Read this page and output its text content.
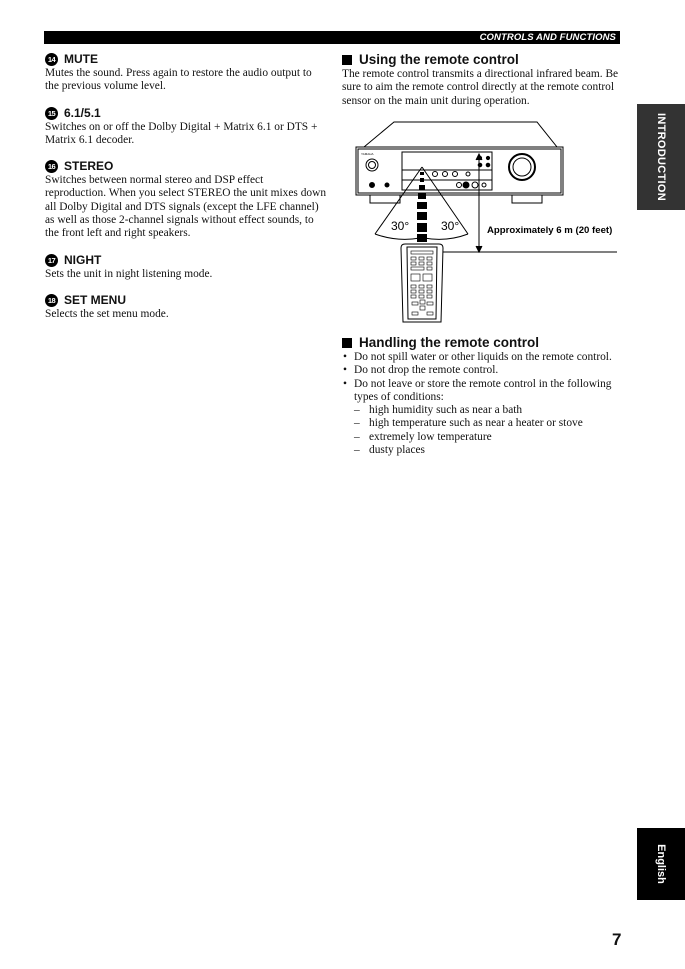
CONTROLS AND FUNCTIONS
14 MUTE

Mutes the sound. Press again to restore the audio output to the previous volume level.

15 6.1/5.1

Switches on or off the Dolby Digital + Matrix 6.1 or DTS + Matrix 6.1 decoder.

16 STEREO

Switches between normal stereo and DSP effect reproduction. When you select STEREO the unit mixes down all Dolby Digital and DTS signals (except the LFE channel) as well as those 2-channel signals without effect sounds, to the front left and right speakers.

17 NIGHT

Sets the unit in night listening mode.

18 SET MENU

Selects the set menu mode.

Using the remote control

The remote control transmits a directional infrared beam. Be sure to aim the remote control directly at the remote control sensor on the main unit during operation.

YAMAHA
30°	30°	Approximately 6 m (20 feet)
Handling the remote control
• Do not spill water or other liquids on the remote control.
• Do not drop the remote control.
• Do not leave or store the remote control in the following types of conditions:
– high humidity such as near a bath
– high temperature such as near a heater or stove
– extremely low temperature
– dusty places
INTRODUCTION
English
7
